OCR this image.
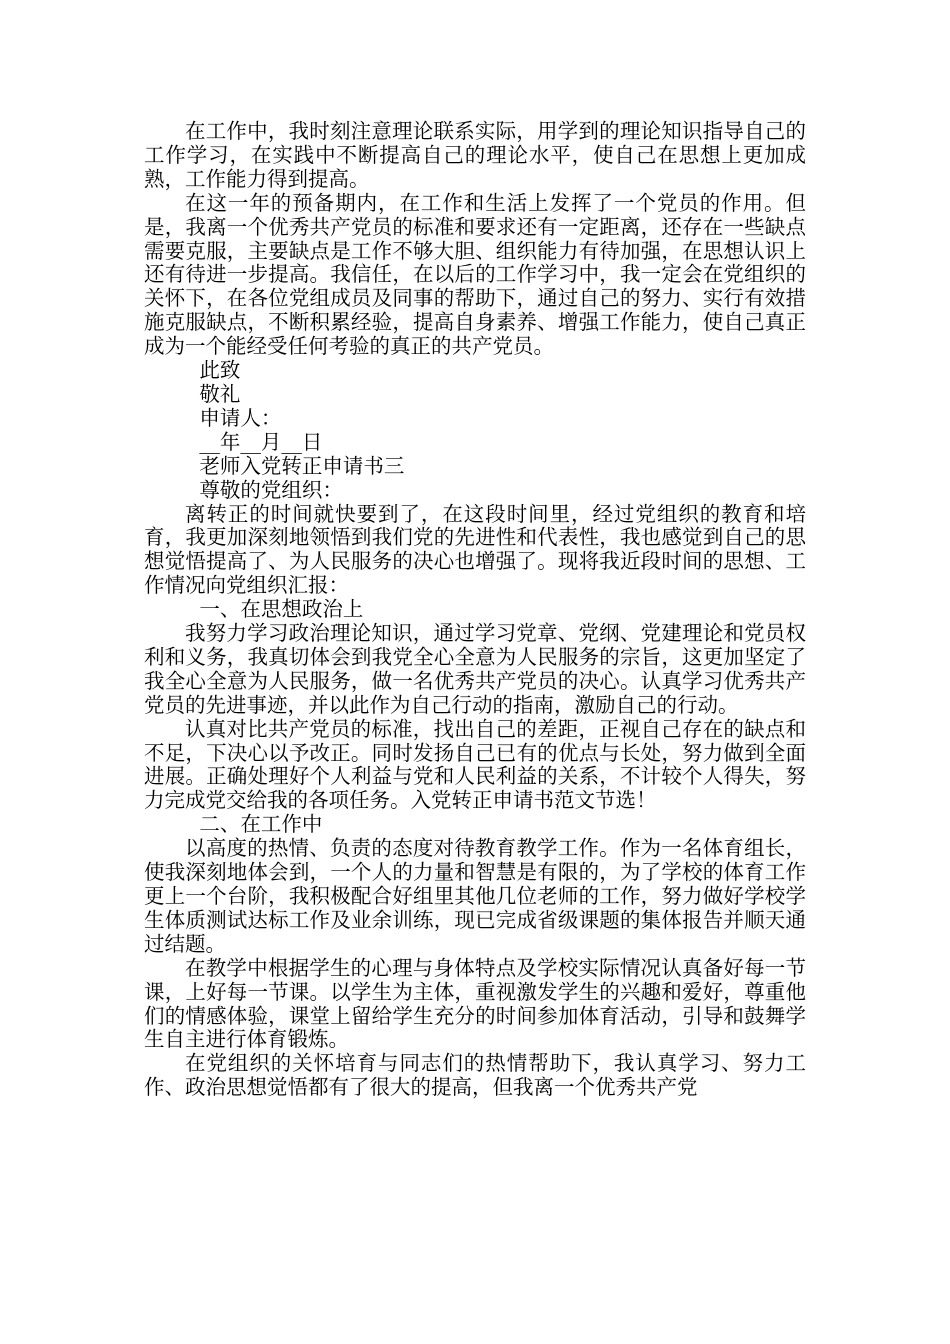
在工作中，我时刻注意理论联系实际，用学到的理论知识指导自己的工作学习，在实践中不断提高自己的理论水平，使自己在思想上更加成熟，工作能力得到提高。

在这一年的预备期内，在工作和生活上发挥了一个党员的作用。但是，我离一个优秀共产党员的标准和要求还有一定距离，还存在一些缺点需要克服，主要缺点是工作不够大胆、组织能力有待加强，在思想认识上还有待进一步提高。我信任，在以后的工作学习中，我一定会在党组织的关怀下，在各位党组成员及同事的帮助下，通过自己的努力、实行有效措施克服缺点，不断积累经验，提高自身素养、增强工作能力，使自己真正成为一个能经受任何考验的真正的共产党员。

此致

敬礼

申请人：

__年__月__日

老师入党转正申请书三

尊敬的党组织：

离转正的时间就快要到了，在这段时间里，经过党组织的教育和培育，我更加深刻地领悟到我们党的先进性和代表性，我也感觉到自己的思想觉悟提高了、为人民服务的决心也增强了。现将我近段时间的思想、工作情况向党组织汇报：

一、在思想政治上

我努力学习政治理论知识，通过学习党章、党纲、党建理论和党员权利和义务，我真切体会到我党全心全意为人民服务的宗旨，这更加坚定了我全心全意为人民服务，做一名优秀共产党员的决心。认真学习优秀共产党员的先进事迹，并以此作为自己行动的指南，激励自己的行动。

认真对比共产党员的标准，找出自己的差距，正视自己存在的缺点和不足，下决心以予改正。同时发扬自己已有的优点与长处，努力做到全面进展。正确处理好个人利益与党和人民利益的关系，不计较个人得失，努力完成党交给我的各项任务。入党转正申请书范文节选！

二、在工作中

以高度的热情、负责的态度对待教育教学工作。作为一名体育组长，使我深刻地体会到，一个人的力量和智慧是有限的，为了学校的体育工作更上一个台阶，我积极配合好组里其他几位老师的工作，努力做好学校学生体质测试达标工作及业余训练，现已完成省级课题的集体报告并顺天通过结题。

在教学中根据学生的心理与身体特点及学校实际情况认真备好每一节课，上好每一节课。以学生为主体，重视激发学生的兴趣和爱好，尊重他们的情感体验，课堂上留给学生充分的时间参加体育活动，引导和鼓舞学生自主进行体育锻炼。

在党组织的关怀培育与同志们的热情帮助下，我认真学习、努力工作、政治思想觉悟都有了很大的提高，但我离一个优秀共产党
